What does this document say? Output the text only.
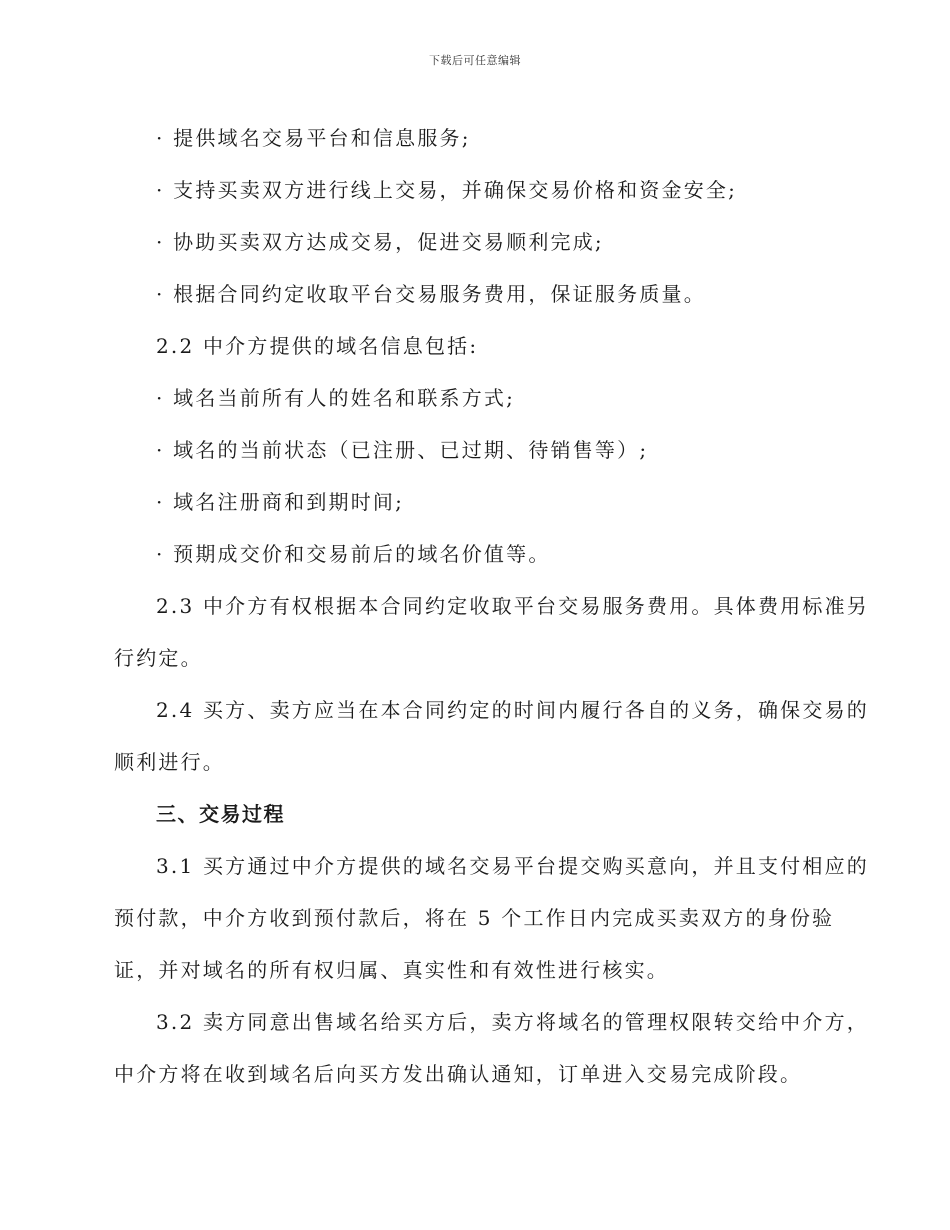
下载后可任意编辑
· 提供域名交易平台和信息服务;
· 支持买卖双方进行线上交易，并确保交易价格和资金安全;
· 协助买卖双方达成交易，促进交易顺利完成;
· 根据合同约定收取平台交易服务费用，保证服务质量。
2.2 中介方提供的域名信息包括:
· 域名当前所有人的姓名和联系方式;
· 域名的当前状态（已注册、已过期、待销售等）;
· 域名注册商和到期时间;
· 预期成交价和交易前后的域名价值等。
2.3 中介方有权根据本合同约定收取平台交易服务费用。具体费用标准另
行约定。
2.4 买方、卖方应当在本合同约定的时间内履行各自的义务，确保交易的
顺利进行。
三、交易过程
3.1 买方通过中介方提供的域名交易平台提交购买意向，并且支付相应的
预付款，中介方收到预付款后，将在 5 个工作日内完成买卖双方的身份验
证，并对域名的所有权归属、真实性和有效性进行核实。
3.2 卖方同意出售域名给买方后，卖方将域名的管理权限转交给中介方，
中介方将在收到域名后向买方发出确认通知，订单进入交易完成阶段。
